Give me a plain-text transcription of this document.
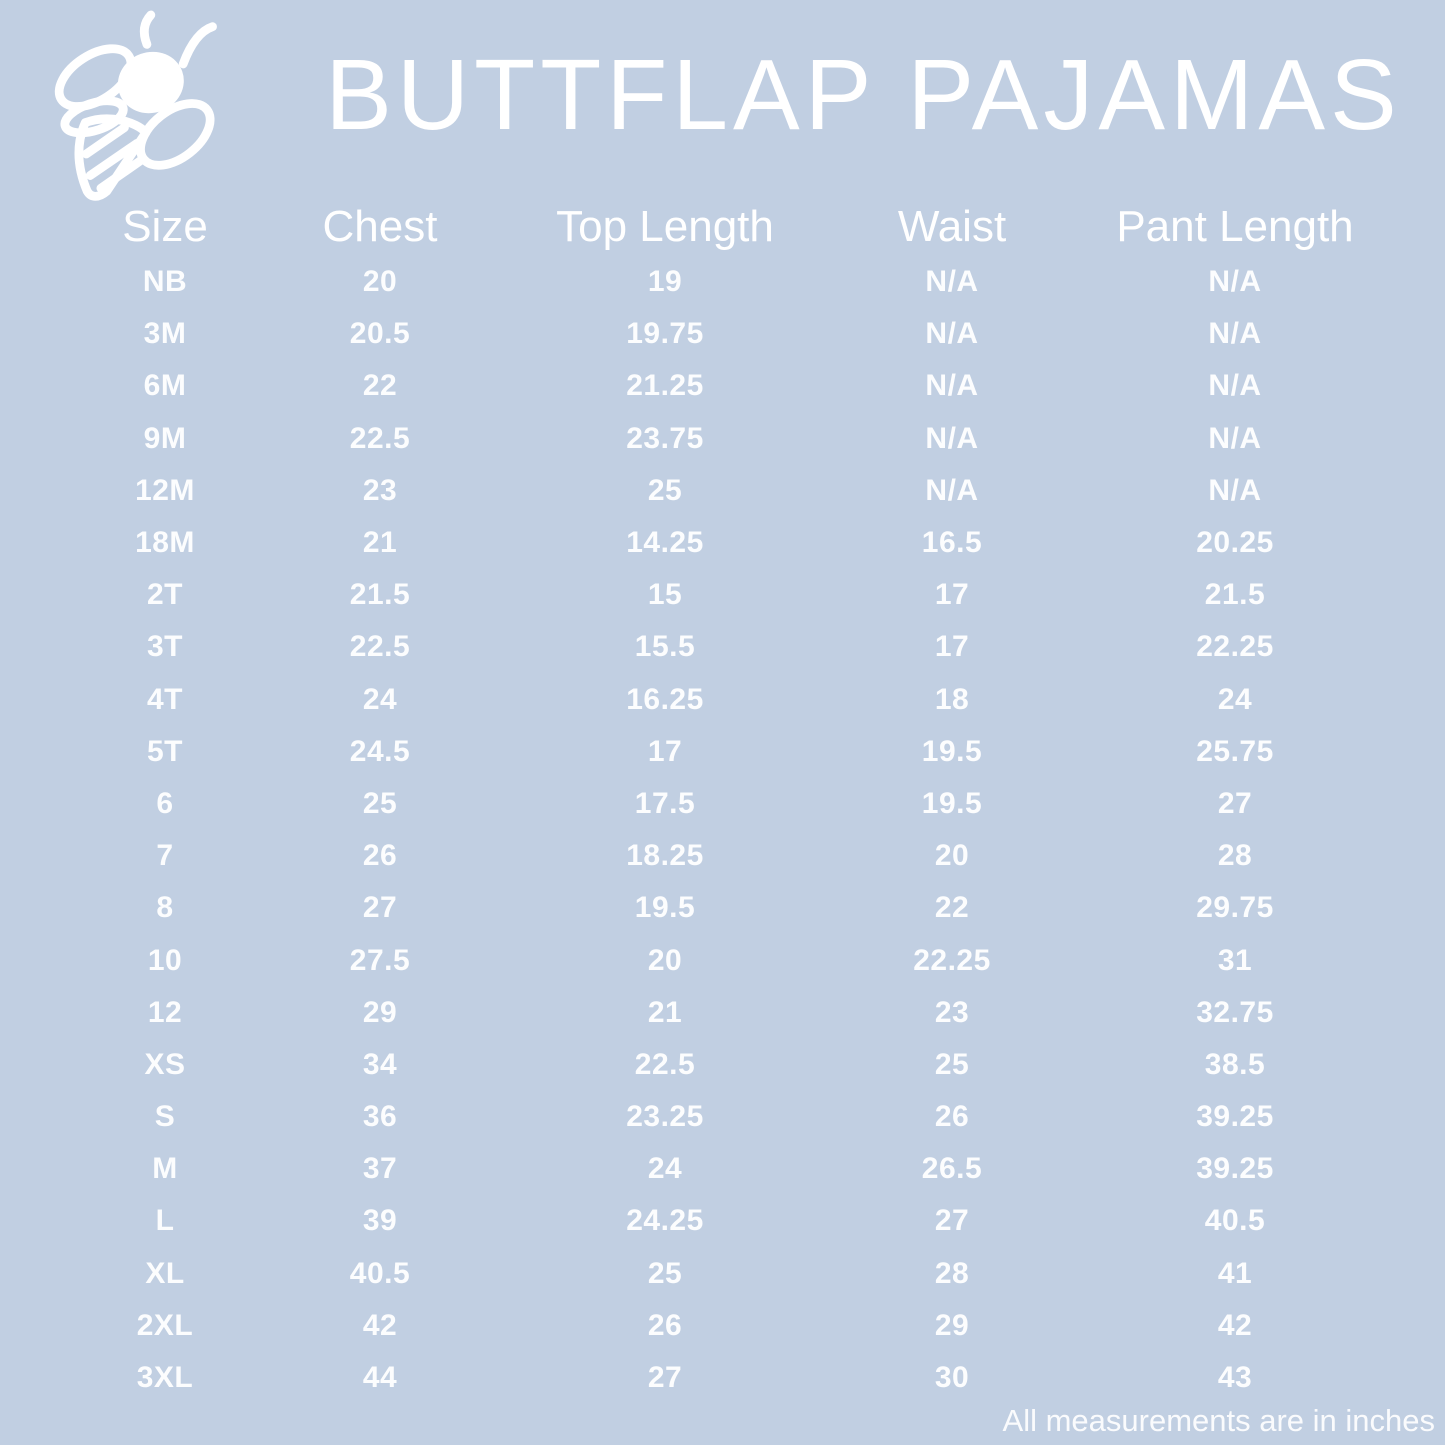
BUTTFLAP PAJAMAS
Size	Chest	Top Length	Waist	Pant Length
NB	20	19	N/A	N/A
3M	20.5	19.75	N/A	N/A
6M	22	21.25	N/A	N/A
9M	22.5	23.75	N/A	N/A
12M	23	25	N/A	N/A
18M	21	14.25	16.5	20.25
2T	21.5	15	17	21.5
3T	22.5	15.5	17	22.25
4T	24	16.25	18	24
5T	24.5	17	19.5	25.75
6	25	17.5	19.5	27
7	26	18.25	20	28
8	27	19.5	22	29.75
10	27.5	20	22.25	31
12	29	21	23	32.75
XS	34	22.5	25	38.5
S	36	23.25	26	39.25
M	37	24	26.5	39.25
L	39	24.25	27	40.5
XL	40.5	25	28	41
2XL	42	26	29	42
3XL	44	27	30	43
All measurements are in inches
